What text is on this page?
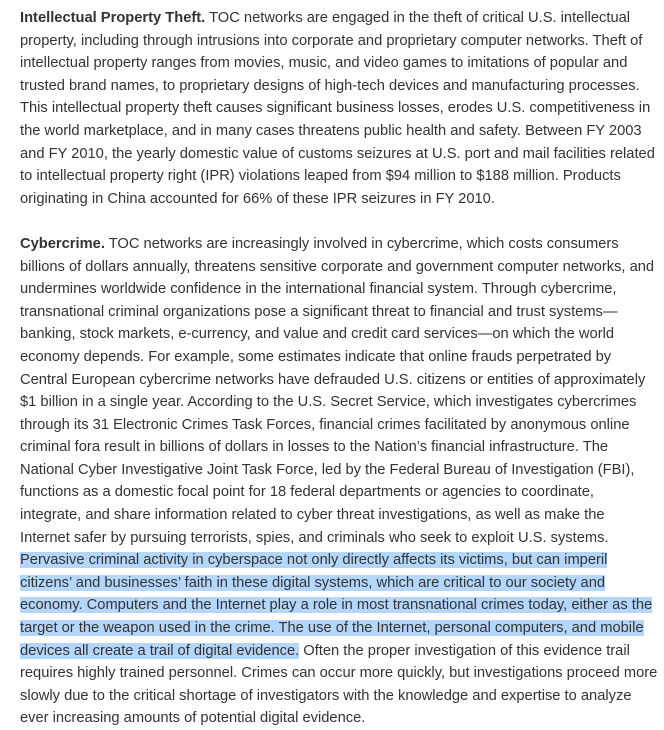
Intellectual Property Theft. TOC networks are engaged in the theft of critical U.S. intellectual property, including through intrusions into corporate and proprietary computer networks. Theft of intellectual property ranges from movies, music, and video games to imitations of popular and trusted brand names, to proprietary designs of high-tech devices and manufacturing processes. This intellectual property theft causes significant business losses, erodes U.S. competitiveness in the world marketplace, and in many cases threatens public health and safety. Between FY 2003 and FY 2010, the yearly domestic value of customs seizures at U.S. port and mail facilities related to intellectual property right (IPR) violations leaped from $94 million to $188 million. Products originating in China accounted for 66% of these IPR seizures in FY 2010.

Cybercrime. TOC networks are increasingly involved in cybercrime, which costs consumers billions of dollars annually, threatens sensitive corporate and government computer networks, and undermines worldwide confidence in the international financial system. Through cybercrime, transnational criminal organizations pose a significant threat to financial and trust systems—banking, stock markets, e-currency, and value and credit card services—on which the world economy depends. For example, some estimates indicate that online frauds perpetrated by Central European cybercrime networks have defrauded U.S. citizens or entities of approximately $1 billion in a single year. According to the U.S. Secret Service, which investigates cybercrimes through its 31 Electronic Crimes Task Forces, financial crimes facilitated by anonymous online criminal fora result in billions of dollars in losses to the Nation’s financial infrastructure. The National Cyber Investigative Joint Task Force, led by the Federal Bureau of Investigation (FBI), functions as a domestic focal point for 18 federal departments or agencies to coordinate, integrate, and share information related to cyber threat investigations, as well as make the Internet safer by pursuing terrorists, spies, and criminals who seek to exploit U.S. systems. Pervasive criminal activity in cyberspace not only directly affects its victims, but can imperil citizens’ and businesses’ faith in these digital systems, which are critical to our society and economy. Computers and the Internet play a role in most transnational crimes today, either as the target or the weapon used in the crime. The use of the Internet, personal computers, and mobile devices all create a trail of digital evidence. Often the proper investigation of this evidence trail requires highly trained personnel. Crimes can occur more quickly, but investigations proceed more slowly due to the critical shortage of investigators with the knowledge and expertise to analyze ever increasing amounts of potential digital evidence.
